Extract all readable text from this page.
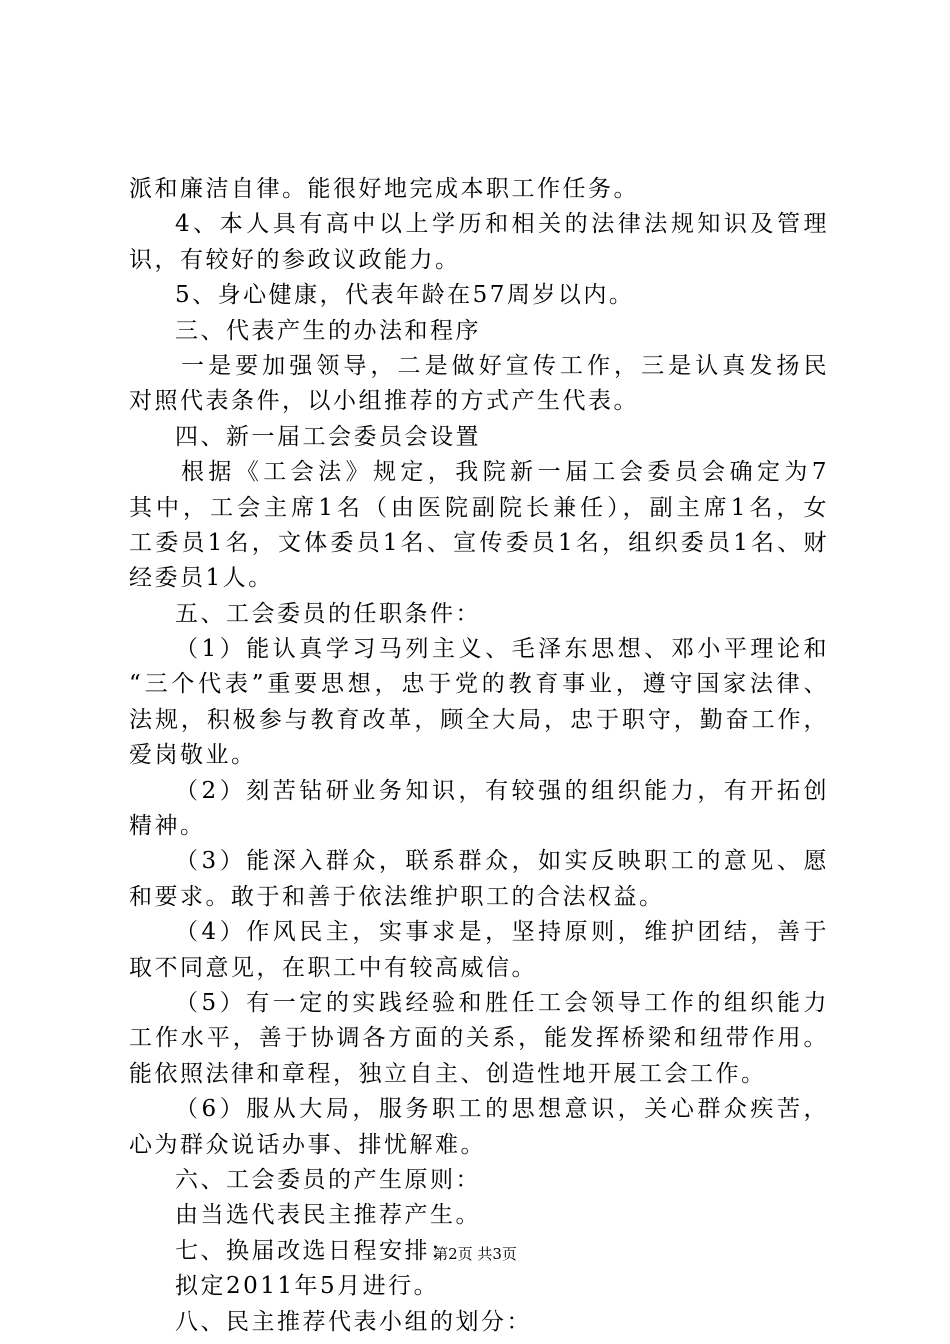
派和廉洁自律。能很好地完成本职工作任务。
4、本人具有高中以上学历和相关的法律法规知识及管理
识，有较好的参政议政能力。
5、身心健康，代表年龄在57周岁以内。
三、代表产生的办法和程序
一是要加强领导，二是做好宣传工作，三是认真发扬民
对照代表条件，以小组推荐的方式产生代表。
四、新一届工会委员会设置
根据《工会法》规定，我院新一届工会委员会确定为7
其中，工会主席1名（由医院副院长兼任），副主席1名，女
工委员1名，文体委员1名、宣传委员1名，组织委员1名、财
经委员1人。
五、工会委员的任职条件：
（1）能认真学习马列主义、毛泽东思想、邓小平理论和
“三个代表”重要思想，忠于党的教育事业，遵守国家法律、
法规，积极参与教育改革，顾全大局，忠于职守，勤奋工作，
爱岗敬业。
（2）刻苦钻研业务知识，有较强的组织能力，有开拓创
精神。
（3）能深入群众，联系群众，如实反映职工的意见、愿
和要求。敢于和善于依法维护职工的合法权益。
（4）作风民主，实事求是，坚持原则，维护团结，善于
取不同意见，在职工中有较高威信。
（5）有一定的实践经验和胜任工会领导工作的组织能力
工作水平，善于协调各方面的关系，能发挥桥梁和纽带作用。
能依照法律和章程，独立自主、创造性地开展工会工作。
（6）服从大局，服务职工的思想意识，关心群众疾苦，
心为群众说话办事、排忧解难。
六、工会委员的产生原则：
由当选代表民主推荐产生。
七、换届改选日程安排：
拟定2011年5月进行。
八、民主推荐代表小组的划分：
第2页 共3页
